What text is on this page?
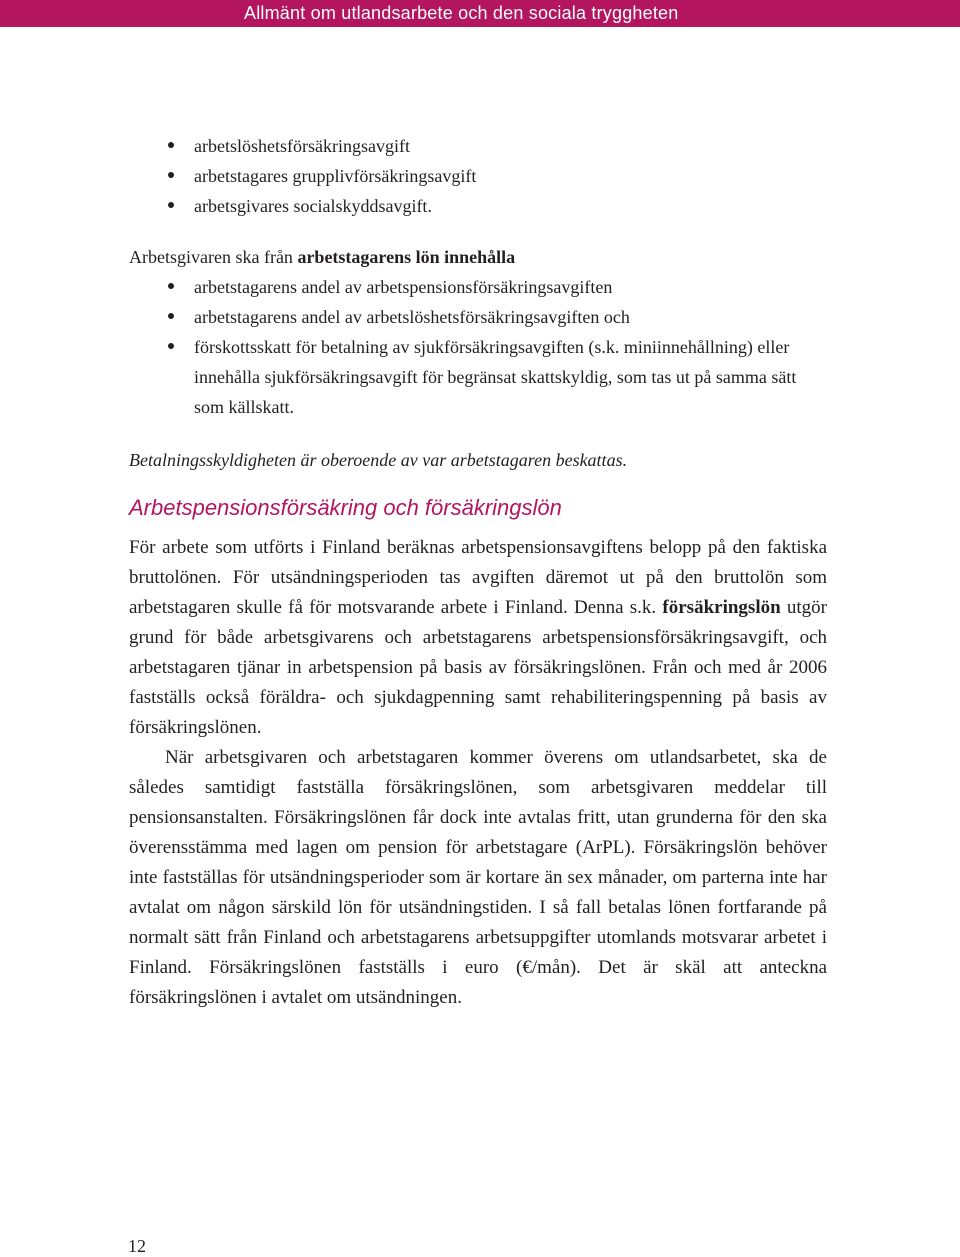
Allmänt om utlandsarbete och den sociala tryggheten
arbetslöshetsförsäkringsavgift
arbetstagares grupplivförsäkringsavgift
arbetsgivares socialskyddsavgift.

Arbetsgivaren ska från arbetstagarens lön innehålla

arbetstagarens andel av arbetspensionsförsäkringsavgiften
arbetstagarens andel av arbetslöshetsförsäkringsavgiften och
förskottsskatt för betalning av sjukförsäkringsavgiften (s.k. miniinnehållning) eller innehålla sjukförsäkringsavgift för begränsat skattskyldig, som tas ut på samma sätt som källskatt.

Betalningsskyldigheten är oberoende av var arbetstagaren beskattas.

Arbetspensionsförsäkring och försäkringslön

För arbete som utförts i Finland beräknas arbetspensionsavgiftens belopp på den faktiska bruttolönen. För utsändningsperioden tas avgiften däremot ut på den bruttolön som arbetstagaren skulle få för motsvarande arbete i Finland. Denna s.k. försäkringslön utgör grund för både arbetsgivarens och arbetstagarens arbetspensionsförsäkringsavgift, och arbetstagaren tjänar in arbetspension på basis av försäkringslönen. Från och med år 2006 fastställs också föräldra- och sjukdagpenning samt rehabiliteringspenning på basis av försäkringslönen.

När arbetsgivaren och arbetstagaren kommer överens om utlandsarbetet, ska de således samtidigt fastställa försäkringslönen, som arbetsgivaren meddelar till pensionsanstalten. Försäkringslönen får dock inte avtalas fritt, utan grunderna för den ska överensstämma med lagen om pension för arbetstagare (ArPL). Försäkringslön behöver inte fastställas för utsändningsperioder som är kortare än sex månader, om parterna inte har avtalat om någon särskild lön för utsändningstiden. I så fall betalas lönen fortfarande på normalt sätt från Finland och arbetstagarens arbetsuppgifter utomlands motsvarar arbetet i Finland. Försäkringslönen fastställs i euro (€/mån). Det är skäl att anteckna försäkringslönen i avtalet om utsändningen.

12
